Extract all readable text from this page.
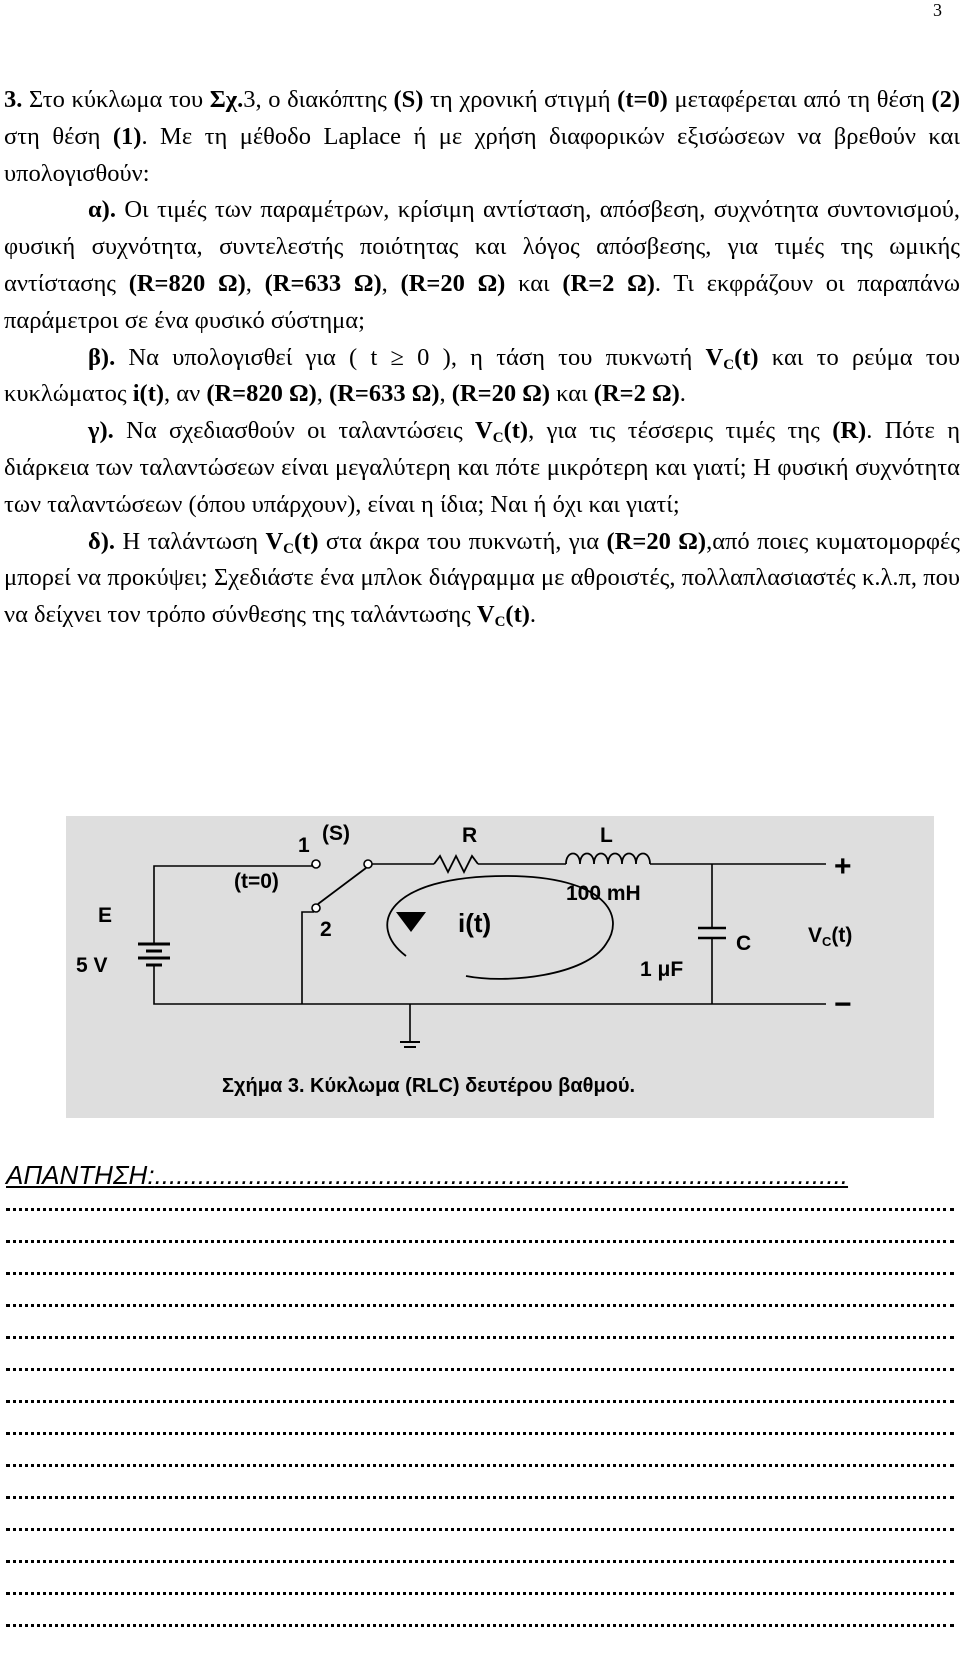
3

3. Στο κύκλωμα του Σχ.3, ο διακόπτης (S) τη χρονική στιγμή (t=0) μεταφέρεται από τη θέση (2) στη θέση (1). Με τη μέθοδο Laplace ή με χρήση διαφορικών εξισώσεων να βρεθούν και υπολογισθούν:

α). Οι τιμές των παραμέτρων, κρίσιμη αντίσταση, απόσβεση, συχνότητα συντονισμού, φυσική συχνότητα, συντελεστής ποιότητας και λόγος απόσβεσης, για τιμές της ωμικής αντίστασης (R=820 Ω), (R=633 Ω), (R=20 Ω) και (R=2 Ω). Τι εκφράζουν οι παραπάνω παράμετροι σε ένα φυσικό σύστημα;

β). Να υπολογισθεί για ( t ≥ 0 ), η τάση του πυκνωτή $V_C(t)$ και το ρεύμα του κυκλώματος i(t), αν (R=820 Ω), (R=633 Ω), (R=20 Ω) και (R=2 Ω).

γ). Να σχεδιασθούν οι ταλαντώσεις $V_C(t)$, για τις τέσσερις τιμές της (R). Πότε η διάρκεια των ταλαντώσεων είναι μεγαλύτερη και πότε μικρότερη και γιατί; Η φυσική συχνότητα των ταλαντώσεων (όπου υπάρχουν), είναι η ίδια; Ναι ή όχι και γιατί;

δ). Η ταλάντωση $V_C(t)$ στα άκρα του πυκνωτή, για (R=20 Ω),από ποιες κυματομορφές μπορεί να προκύψει; Σχεδιάστε ένα μπλοκ διάγραμμα με αθροιστές, πολλαπλασιαστές κ.λ.π, που να δείχνει τον τρόπο σύνθεσης της ταλάντωσης $V_C(t)$.

(S)
1
(t=0)
2
R	L
100 mH
E
5 V
i(t)
C
1 μF
+
−
VC(t)
Σχήμα 3. Κύκλωμα (RLC) δευτέρου βαθμού.
ΑΠΑΝΤΗΣΗ:................................................................................................
